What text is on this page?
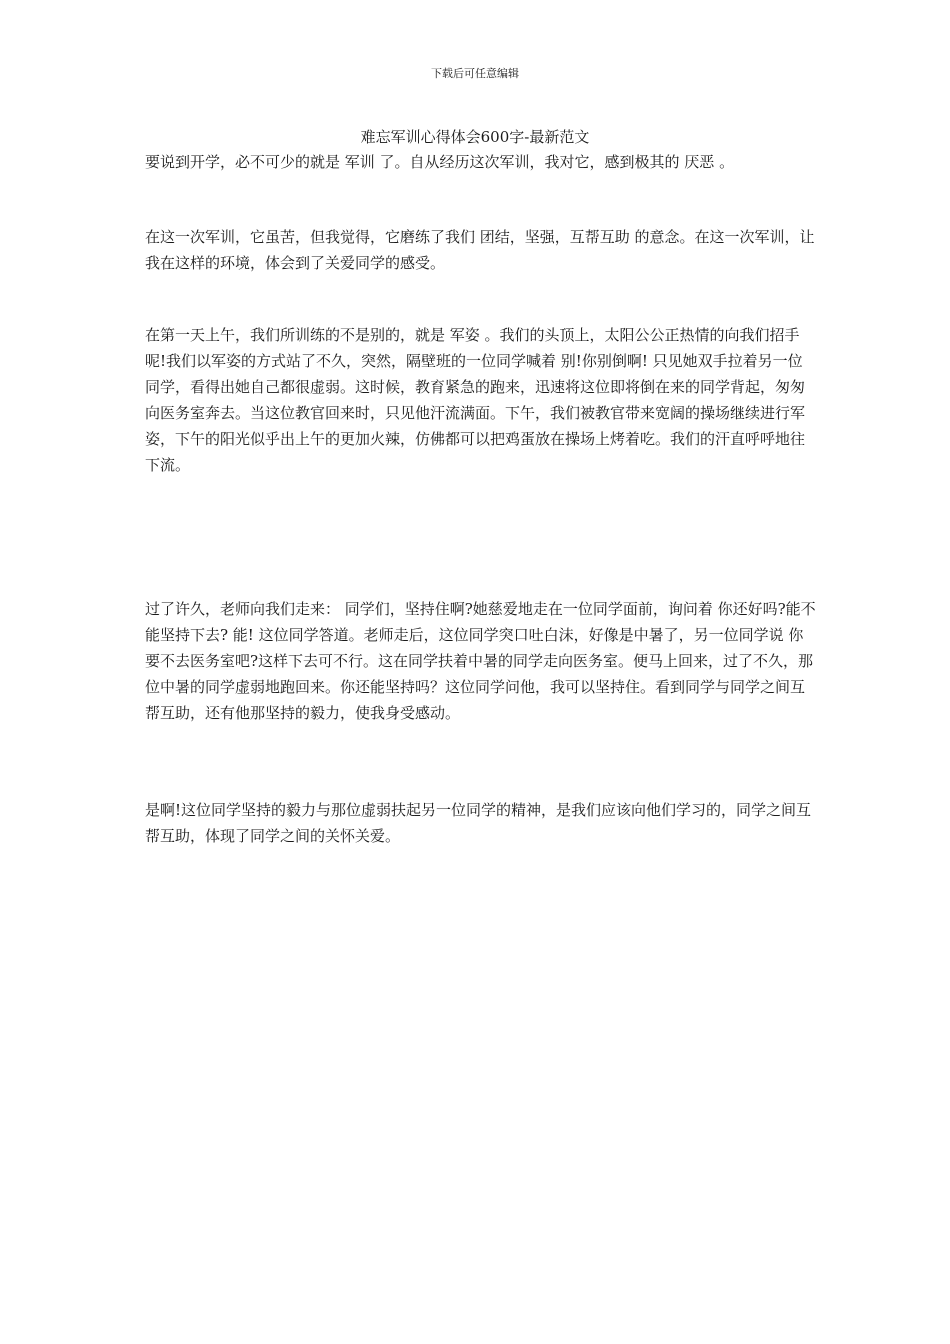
下载后可任意编辑
难忘军训心得体会600字-最新范文

要说到开学，必不可少的就是 军训 了。自从经历这次军训，我对它，感到极其的 厌恶 。

在这一次军训，它虽苦，但我觉得，它磨练了我们 团结，坚强，互帮互助 的意念。在这一次军训，让我在这样的环境，体会到了关爱同学的感受。

在第一天上午，我们所训练的不是别的，就是 军姿 。我们的头顶上，太阳公公正热情的向我们招手呢!我们以军姿的方式站了不久，突然，隔壁班的一位同学喊着 别!你别倒啊! 只见她双手拉着另一位同学，看得出她自己都很虚弱。这时候，教育紧急的跑来，迅速将这位即将倒在来的同学背起，匆匆向医务室奔去。当这位教官回来时，只见他汗流满面。下午，我们被教官带来宽阔的操场继续进行军姿，下午的阳光似乎出上午的更加火辣，仿佛都可以把鸡蛋放在操场上烤着吃。我们的汗直呼呼地往下流。

过了许久，老师向我们走来： 同学们，坚持住啊?她慈爱地走在一位同学面前，询问着 你还好吗?能不能坚持下去? 能! 这位同学答道。老师走后，这位同学突口吐白沫，好像是中暑了，另一位同学说 你要不去医务室吧?这样下去可不行。这在同学扶着中暑的同学走向医务室。便马上回来，过了不久，那位中暑的同学虚弱地跑回来。你还能坚持吗？这位同学问他，我可以坚持住。看到同学与同学之间互帮互助，还有他那坚持的毅力，使我身受感动。

是啊!这位同学坚持的毅力与那位虚弱扶起另一位同学的精神，是我们应该向他们学习的，同学之间互帮互助，体现了同学之间的关怀关爱。
